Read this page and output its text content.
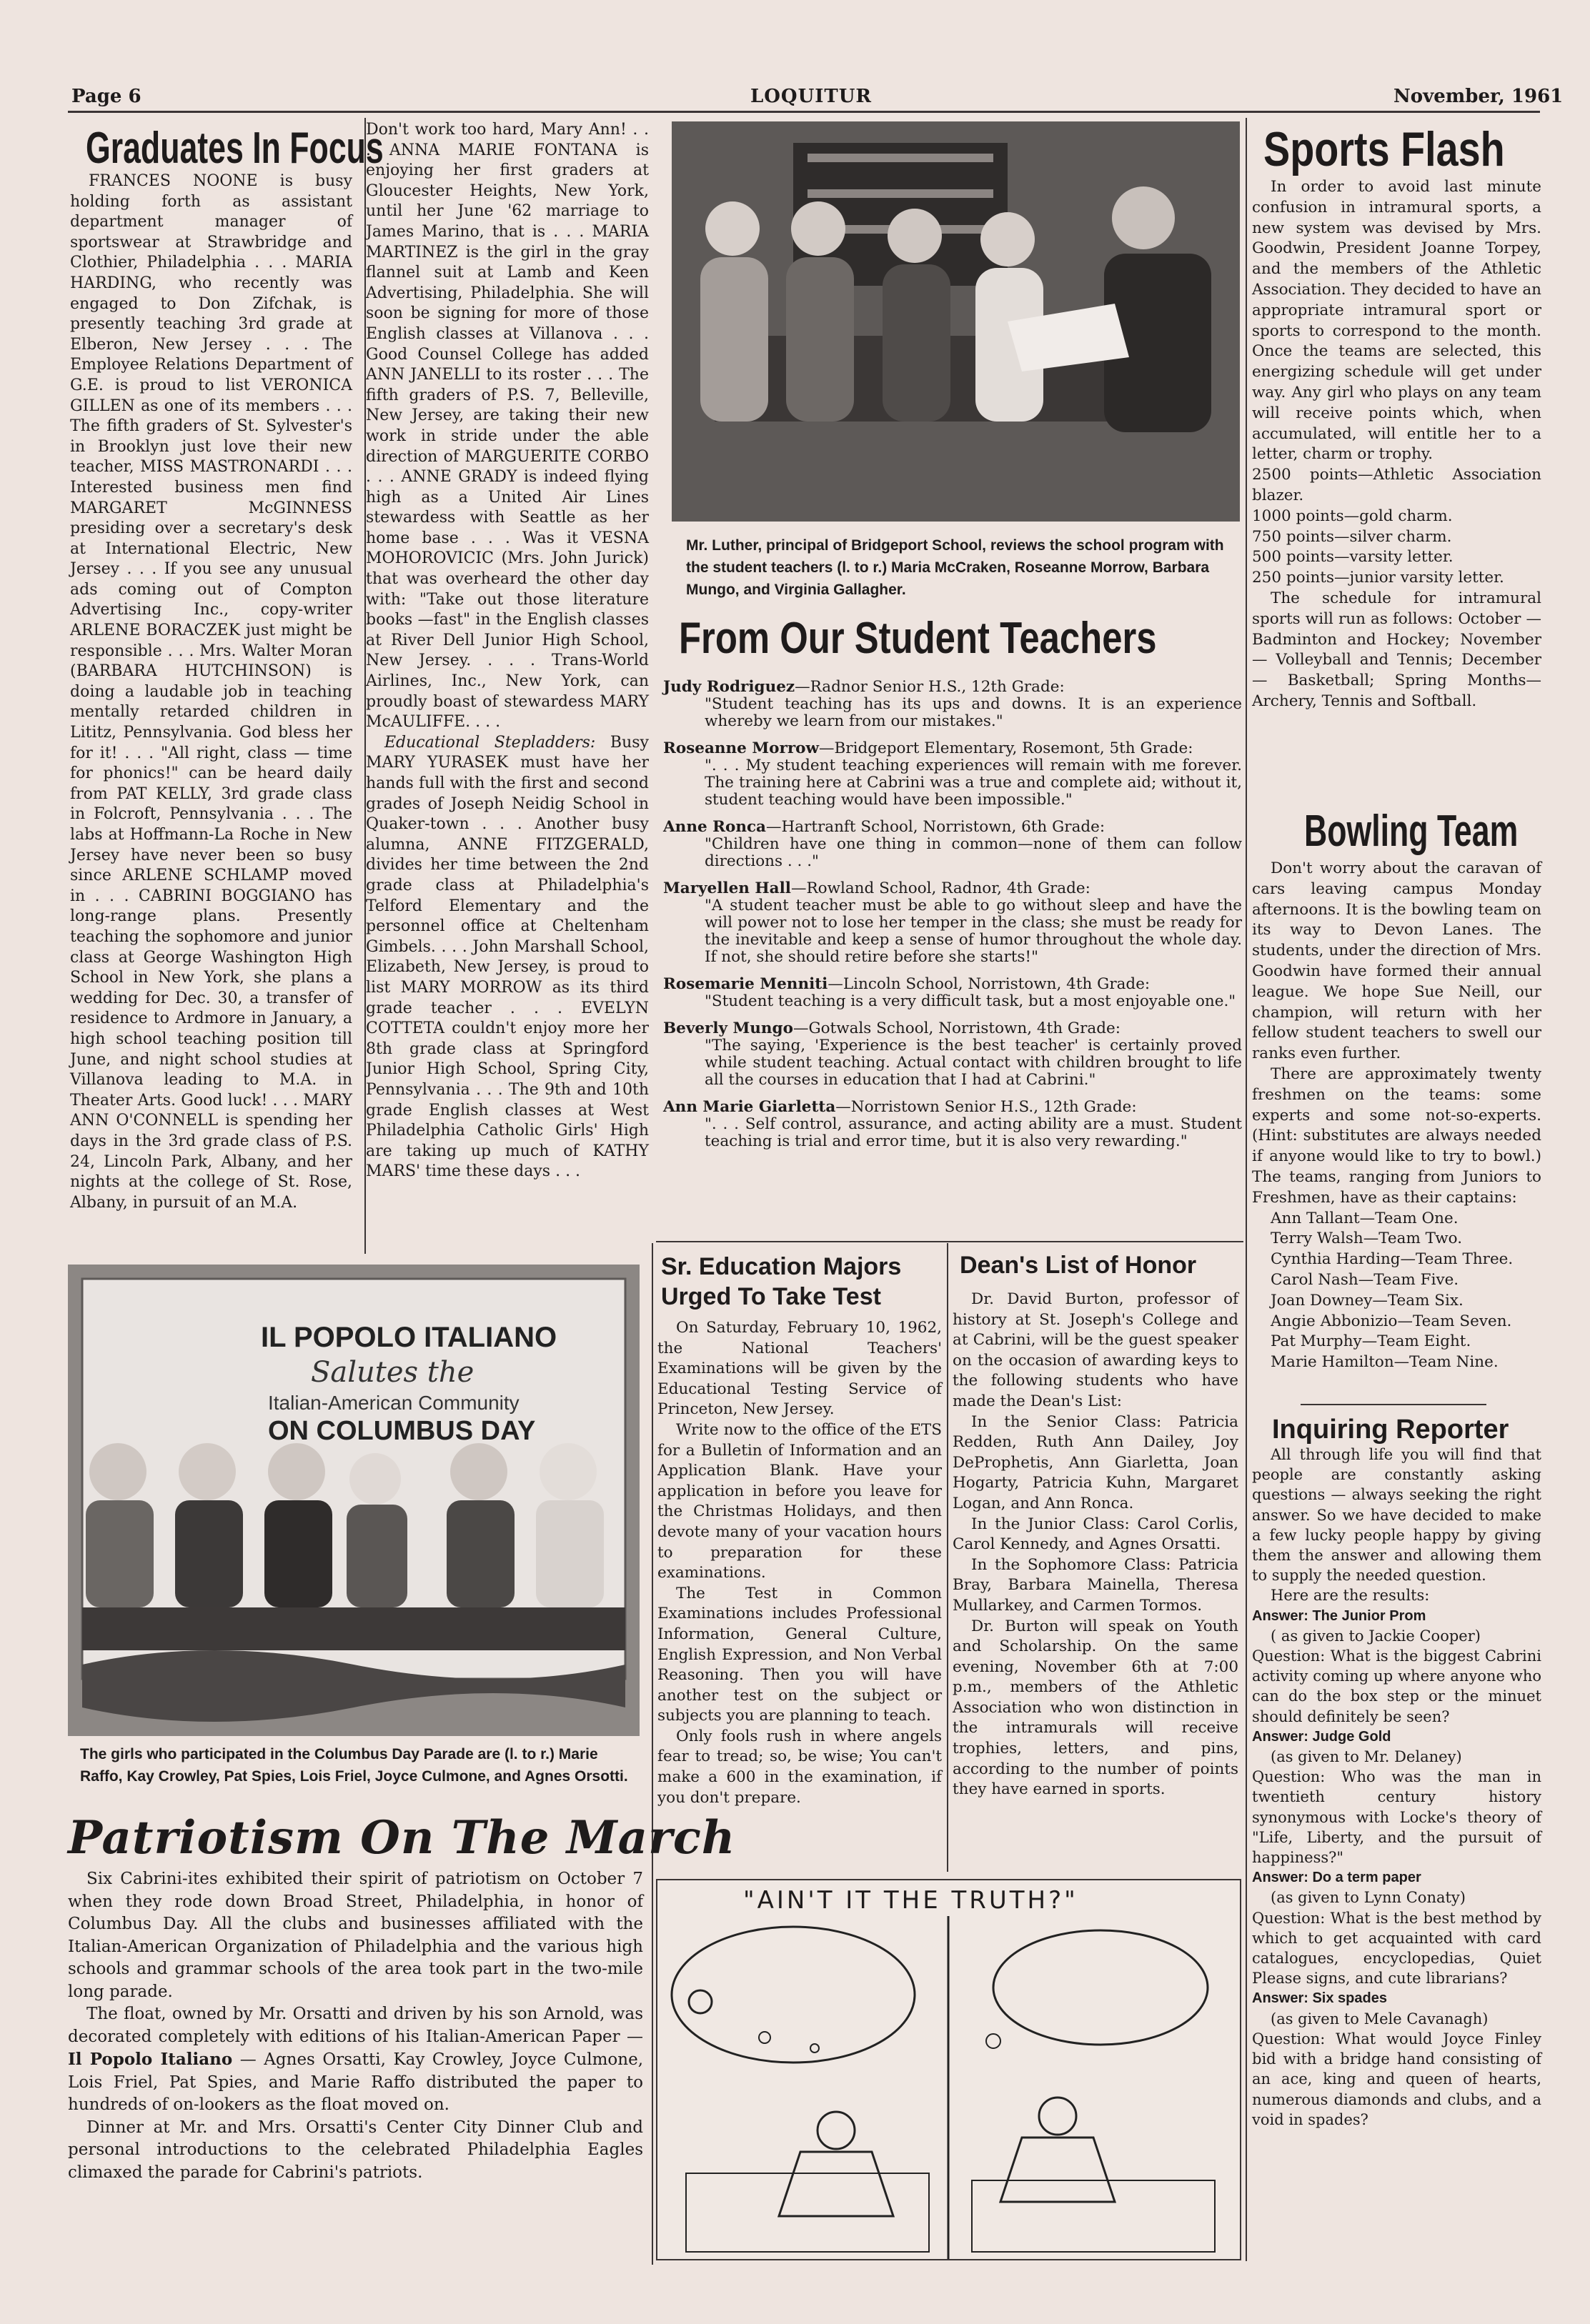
Page 6	LOQUITUR	November, 1961
Graduates In Focus
FRANCES NOONE is busy holding forth as assistant department manager of sportswear at Strawbridge and Clothier, Philadelphia . . . MARIA HARDING, who recently was engaged to Don Zifchak, is presently teaching 3rd grade at Elberon, New Jersey . . . The Employee Relations Department of G.E. is proud to list VERONICA GILLEN as one of its members . . . The fifth graders of St. Sylvester's in Brooklyn just love their new teacher, MISS MASTRONARDI . . . Interested business men find MARGARET McGINNESS presiding over a secretary's desk at International Electric, New Jersey . . . If you see any unusual ads coming out of Compton Advertising Inc., copy-writer ARLENE BORACZEK just might be responsible . . . Mrs. Walter Moran (BARBARA HUTCHINSON) is doing a laudable job in teaching mentally retarded children in Lititz, Pennsylvania. God bless her for it! . . . "All right, class — time for phonics!" can be heard daily from PAT KELLY, 3rd grade class in Folcroft, Pennsylvania . . . The labs at Hoffmann-La Roche in New Jersey have never been so busy since ARLENE SCHLAMP moved in . . . CABRINI BOGGIANO has long-range plans. Presently teaching the sophomore and junior class at George Washington High School in New York, she plans a wedding for Dec. 30, a transfer of residence to Ardmore in January, a high school teaching position till June, and night school studies at Villanova leading to M.A. in Theater Arts. Good luck! . . . MARY ANN O'CONNELL is spending her days in the 3rd grade class of P.S. 24, Lincoln Park, Albany, and her nights at the college of St. Rose, Albany, in pursuit of an M.A.

Don't work too hard, Mary Ann! . . . ANNA MARIE FONTANA is enjoying her first graders at Gloucester Heights, New York, until her June '62 marriage to James Marino, that is . . . MARIA MARTINEZ is the girl in the gray flannel suit at Lamb and Keen Advertising, Philadelphia. She will soon be signing for more of those English classes at Villanova . . . Good Counsel College has added ANN JANELLI to its roster . . . The fifth graders of P.S. 7, Belleville, New Jersey, are taking their new work in stride under the able direction of MARGUERITE CORBO . . . ANNE GRADY is indeed flying high as a United Air Lines stewardess with Seattle as her home base . . . Was it VESNA MOHOROVICIC (Mrs. John Jurick) that was overheard the other day with: "Take out those literature books —fast" in the English classes at River Dell Junior High School, New Jersey. . . . Trans-World Airlines, Inc., New York, can proudly boast of stewardess MARY McAULIFFE. . . .

Educational Stepladders: Busy MARY YURASEK must have her hands full with the first and second grades of Joseph Neidig School in Quaker-town . . . Another busy alumna, ANNE FITZGERALD, divides her time between the 2nd grade class at Philadelphia's Telford Elementary and the personnel office at Cheltenham Gimbels. . . . John Marshall School, Elizabeth, New Jersey, is proud to list MARY MORROW as its third grade teacher . . . EVELYN COTTETA couldn't enjoy more her 8th grade class at Springford Junior High School, Spring City, Pennsylvania . . . The 9th and 10th grade English classes at West Philadelphia Catholic Girls' High are taking up much of KATHY MARS' time these days . . .

Mr. Luther, principal of Bridgeport School, reviews the school program with the student teachers (l. to r.) Maria McCraken, Roseanne Morrow, Barbara Mungo, and Virginia Gallagher.
From Our Student Teachers
Judy Rodriguez—Radnor Senior H.S., 12th Grade:
"Student teaching has its ups and downs. It is an experience whereby we learn from our mistakes."
Roseanne Morrow—Bridgeport Elementary, Rosemont, 5th Grade:
". . . My student teaching experiences will remain with me forever. The training here at Cabrini was a true and complete aid; without it, student teaching would have been impossible."
Anne Ronca—Hartranft School, Norristown, 6th Grade:
"Children have one thing in common—none of them can follow directions . . ."
Maryellen Hall—Rowland School, Radnor, 4th Grade:
"A student teacher must be able to go without sleep and have the will power not to lose her temper in the class; she must be ready for the inevitable and keep a sense of humor throughout the whole day. If not, she should retire before she starts!"
Rosemarie Menniti—Lincoln School, Norristown, 4th Grade:
"Student teaching is a very difficult task, but a most enjoyable one."
Beverly Mungo—Gotwals School, Norristown, 4th Grade:
"The saying, 'Experience is the best teacher' is certainly proved while student teaching. Actual contact with children brought to life all the courses in education that I had at Cabrini."
Ann Marie Giarletta—Norristown Senior H.S., 12th Grade:
". . . Self control, assurance, and acting ability are a must. Student teaching is trial and error time, but it is also very rewarding."
Sports Flash

In order to avoid last minute confusion in intramural sports, a new system was devised by Mrs. Goodwin, President Joanne Torpey, and the members of the Athletic Association. They decided to have an appropriate intramural sport or sports to correspond to the month. Once the teams are selected, this energizing schedule will get under way. Any girl who plays on any team will receive points which, when accumulated, will entitle her to a letter, charm or trophy.

2500 points—Athletic Association blazer.

1000 points—gold charm.

750 points—silver charm.

500 points—varsity letter.

250 points—junior varsity letter.

The schedule for intramural sports will run as follows: October — Badminton and Hockey; November — Volleyball and Tennis; December — Basketball; Spring Months—Archery, Tennis and Softball.

Bowling Team

Don't worry about the caravan of cars leaving campus Monday afternoons. It is the bowling team on its way to Devon Lanes. The students, under the direction of Mrs. Goodwin have formed their annual league. We hope Sue Neill, our champion, will return with her fellow student teachers to swell our ranks even further.

There are approximately twenty freshmen on the teams: some experts and some not-so-experts. (Hint: substitutes are always needed if anyone would like to try to bowl.) The teams, ranging from Juniors to Freshmen, have as their captains:

Ann Tallant—Team One.

Terry Walsh—Team Two.

Cynthia Harding—Team Three.

Carol Nash—Team Five.

Joan Downey—Team Six.

Angie Abbonizio—Team Seven.

Pat Murphy—Team Eight.

Marie Hamilton—Team Nine.

Inquiring Reporter

All through life you will find that people are constantly asking questions — always seeking the right answer. So we have decided to make a few lucky people happy by giving them the answer and allowing them to supply the needed question.

Here are the results:

Answer: The Junior Prom

( as given to Jackie Cooper)

Question: What is the biggest Cabrini activity coming up where anyone who can do the box step or the minuet should definitely be seen?

Answer: Judge Gold

(as given to Mr. Delaney)

Question: Who was the man in twentieth century history synonymous with Locke's theory of "Life, Liberty, and the pursuit of happiness?"

Answer: Do a term paper

(as given to Lynn Conaty)

Question: What is the best method by which to get acquainted with card catalogues, encyclopedias, Quiet Please signs, and cute librarians?

Answer: Six spades

(as given to Mele Cavanagh)

Question: What would Joyce Finley bid with a bridge hand consisting of an ace, king and queen of hearts, numerous diamonds and clubs, and a void in spades?

IL POPOLO ITALIANO
Salutes the
Italian-American Community
ON COLUMBUS DAY
The girls who participated in the Columbus Day Parade are (l. to r.) Marie Raffo, Kay Crowley, Pat Spies, Lois Friel, Joyce Culmone, and Agnes Orsotti.
Patriotism On The March

Six Cabrini-ites exhibited their spirit of patriotism on October 7 when they rode down Broad Street, Philadelphia, in honor of Columbus Day. All the clubs and businesses affiliated with the Italian-American Organization of Philadelphia and the various high schools and grammar schools of the area took part in the two-mile long parade.

The float, owned by Mr. Orsatti and driven by his son Arnold, was decorated completely with editions of his Italian-American Paper — Il Popolo Italiano — Agnes Orsatti, Kay Crowley, Joyce Culmone, Lois Friel, Pat Spies, and Marie Raffo distributed the paper to hundreds of on-lookers as the float moved on.

Dinner at Mr. and Mrs. Orsatti's Center City Dinner Club and personal introductions to the celebrated Philadelphia Eagles climaxed the parade for Cabrini's patriots.

Sr. Education Majors
Urged To Take Test

On Saturday, February 10, 1962, the National Teachers' Examinations will be given by the Educational Testing Service of Princeton, New Jersey.

Write now to the office of the ETS for a Bulletin of Information and an Application Blank. Have your application in before you leave for the Christmas Holidays, and then devote many of your vacation hours to preparation for these examinations.

The Test in Common Examinations includes Professional Information, General Culture, English Expression, and Non Verbal Reasoning. Then you will have another test on the subject or subjects you are planning to teach.

Only fools rush in where angels fear to tread; so, be wise; You can't make a 600 in the examination, if you don't prepare.

Dean's List of Honor

Dr. David Burton, professor of history at St. Joseph's College and at Cabrini, will be the guest speaker on the occasion of awarding keys to the following students who have made the Dean's List:

In the Senior Class: Patricia Redden, Ruth Ann Dailey, Joy DeProphetis, Ann Giarletta, Joan Hogarty, Patricia Kuhn, Margaret Logan, and Ann Ronca.

In the Junior Class: Carol Corlis, Carol Kennedy, and Agnes Orsatti.

In the Sophomore Class: Patricia Bray, Barbara Mainella, Theresa Mullarkey, and Carmen Tormos.

Dr. Burton will speak on Youth and Scholarship. On the same evening, November 6th at 7:00 p.m., members of the Athletic Association who won distinction in the intramurals will receive trophies, letters, and pins, according to the number of points they have earned in sports.

"AIN'T IT THE TRUTH?"
